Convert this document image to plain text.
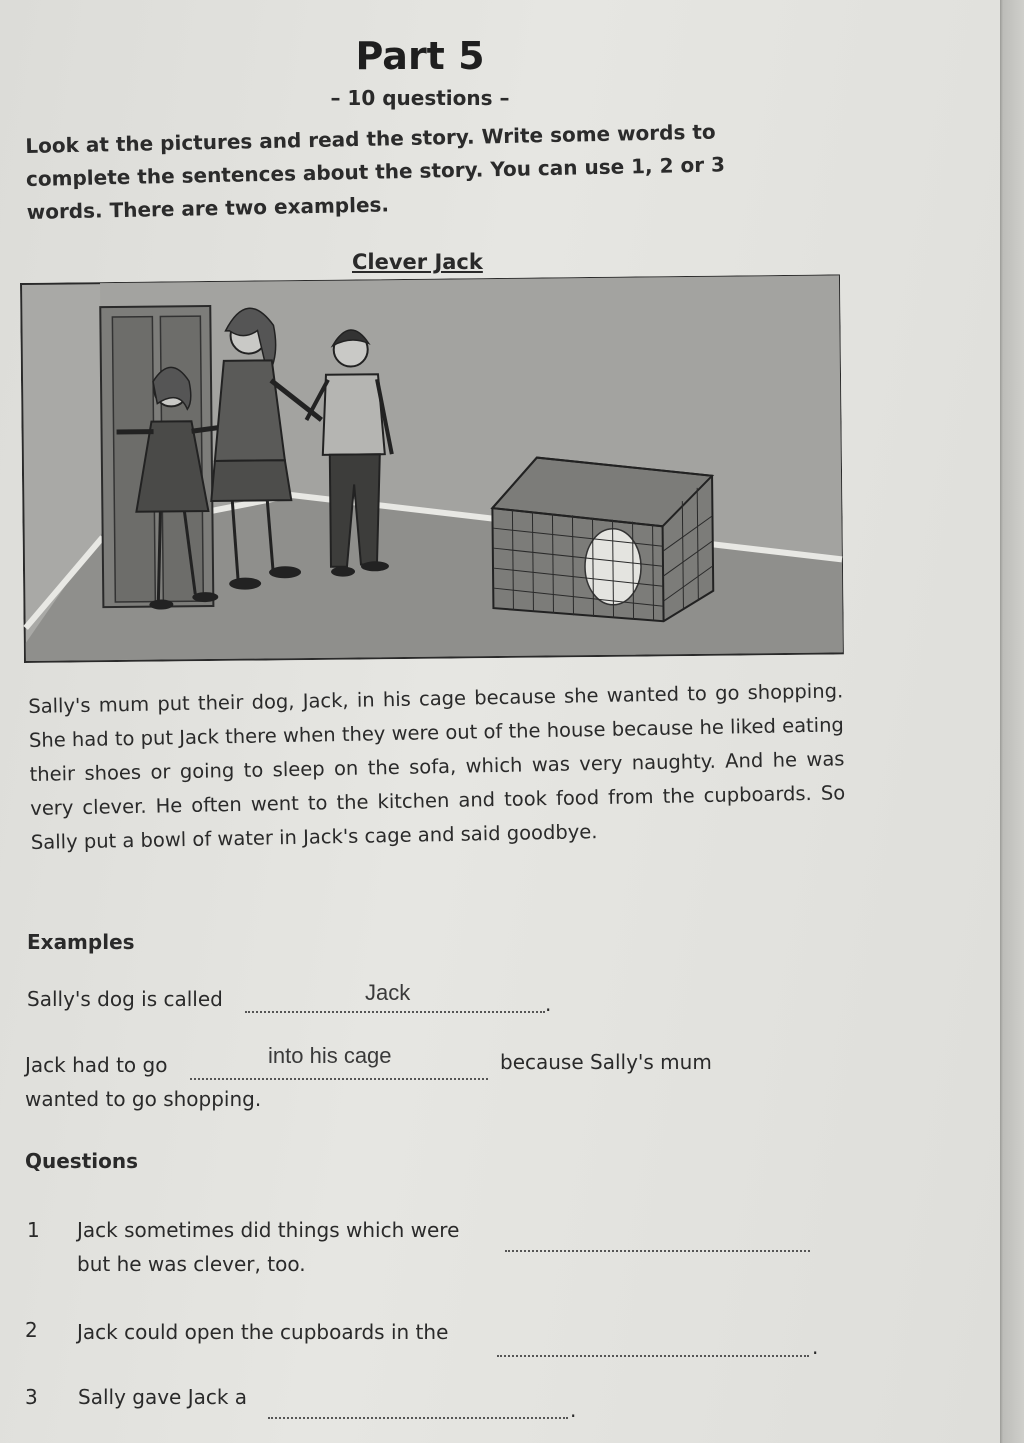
Part 5
– 10 questions –
Look at the pictures and read the story. Write some words to complete the sentences about the story. You can use 1, 2 or 3 words. There are two examples.
Clever Jack
Sally's mum put their dog, Jack, in his cage because she wanted to go shopping. She had to put Jack there when they were out of the house because he liked eating their shoes or going to sleep on the sofa, which was very naughty. And he was very clever. He often went to the kitchen and took food from the cupboards. So Sally put a bowl of water in Jack's cage and said goodbye.
Examples
Sally's dog is called	Jack	.
Jack had to go	into his cage	because Sally's mum
wanted to go shopping.
Questions
1 Jack sometimes did things which were
but he was clever, too.
2 Jack could open the cupboards in the
.
3 Sally gave Jack a
.
